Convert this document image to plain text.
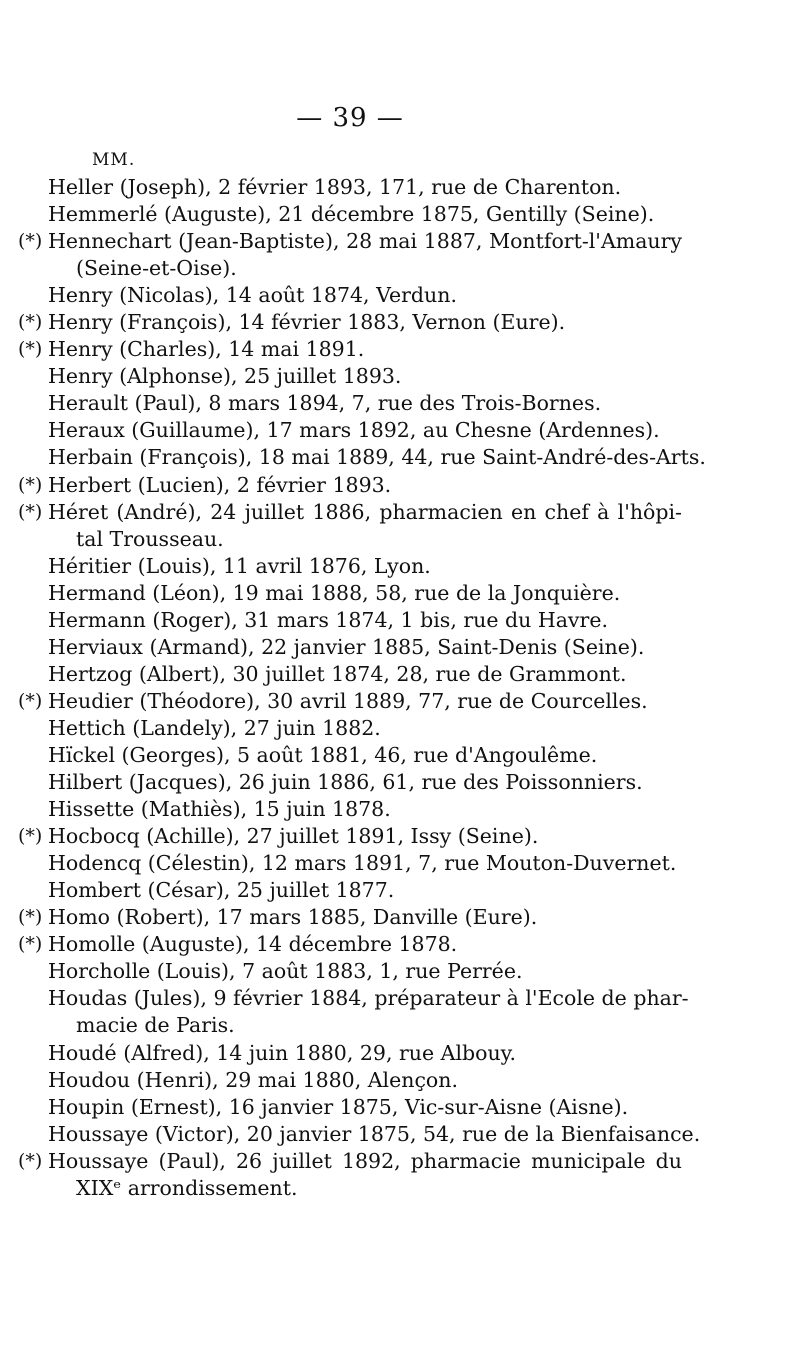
— 39 —
MM.
Heller (Joseph), 2 février 1893, 171, rue de Charenton.
Hemmerlé (Auguste), 21 décembre 1875, Gentilly (Seine).
(*) Hennechart (Jean-Baptiste), 28 mai 1887, Montfort-l'Amaury
(Seine-et-Oise).
Henry (Nicolas), 14 août 1874, Verdun.
(*) Henry (François), 14 février 1883, Vernon (Eure).
(*) Henry (Charles), 14 mai 1891.
Henry (Alphonse), 25 juillet 1893.
Herault (Paul), 8 mars 1894, 7, rue des Trois-Bornes.
Heraux (Guillaume), 17 mars 1892, au Chesne (Ardennes).
Herbain (François), 18 mai 1889, 44, rue Saint-André-des-Arts.
(*) Herbert (Lucien), 2 février 1893.
(*) Héret (André), 24 juillet 1886, pharmacien en chef à l'hôpi-
tal Trousseau.
Héritier (Louis), 11 avril 1876, Lyon.
Hermand (Léon), 19 mai 1888, 58, rue de la Jonquière.
Hermann (Roger), 31 mars 1874, 1 bis, rue du Havre.
Herviaux (Armand), 22 janvier 1885, Saint-Denis (Seine).
Hertzog (Albert), 30 juillet 1874, 28, rue de Grammont.
(*) Heudier (Théodore), 30 avril 1889, 77, rue de Courcelles.
Hettich (Landely), 27 juin 1882.
Hïckel (Georges), 5 août 1881, 46, rue d'Angoulême.
Hilbert (Jacques), 26 juin 1886, 61, rue des Poissonniers.
Hissette (Mathiès), 15 juin 1878.
(*) Hocbocq (Achille), 27 juillet 1891, Issy (Seine).
Hodencq (Célestin), 12 mars 1891, 7, rue Mouton-Duvernet.
Hombert (César), 25 juillet 1877.
(*) Homo (Robert), 17 mars 1885, Danville (Eure).
(*) Homolle (Auguste), 14 décembre 1878.
Horcholle (Louis), 7 août 1883, 1, rue Perrée.
Houdas (Jules), 9 février 1884, préparateur à l'Ecole de phar-
macie de Paris.
Houdé (Alfred), 14 juin 1880, 29, rue Albouy.
Houdou (Henri), 29 mai 1880, Alençon.
Houpin (Ernest), 16 janvier 1875, Vic-sur-Aisne (Aisne).
Houssaye (Victor), 20 janvier 1875, 54, rue de la Bienfaisance.
(*) Houssaye (Paul), 26 juillet 1892, pharmacie municipale du
XIXᵉ arrondissement.
